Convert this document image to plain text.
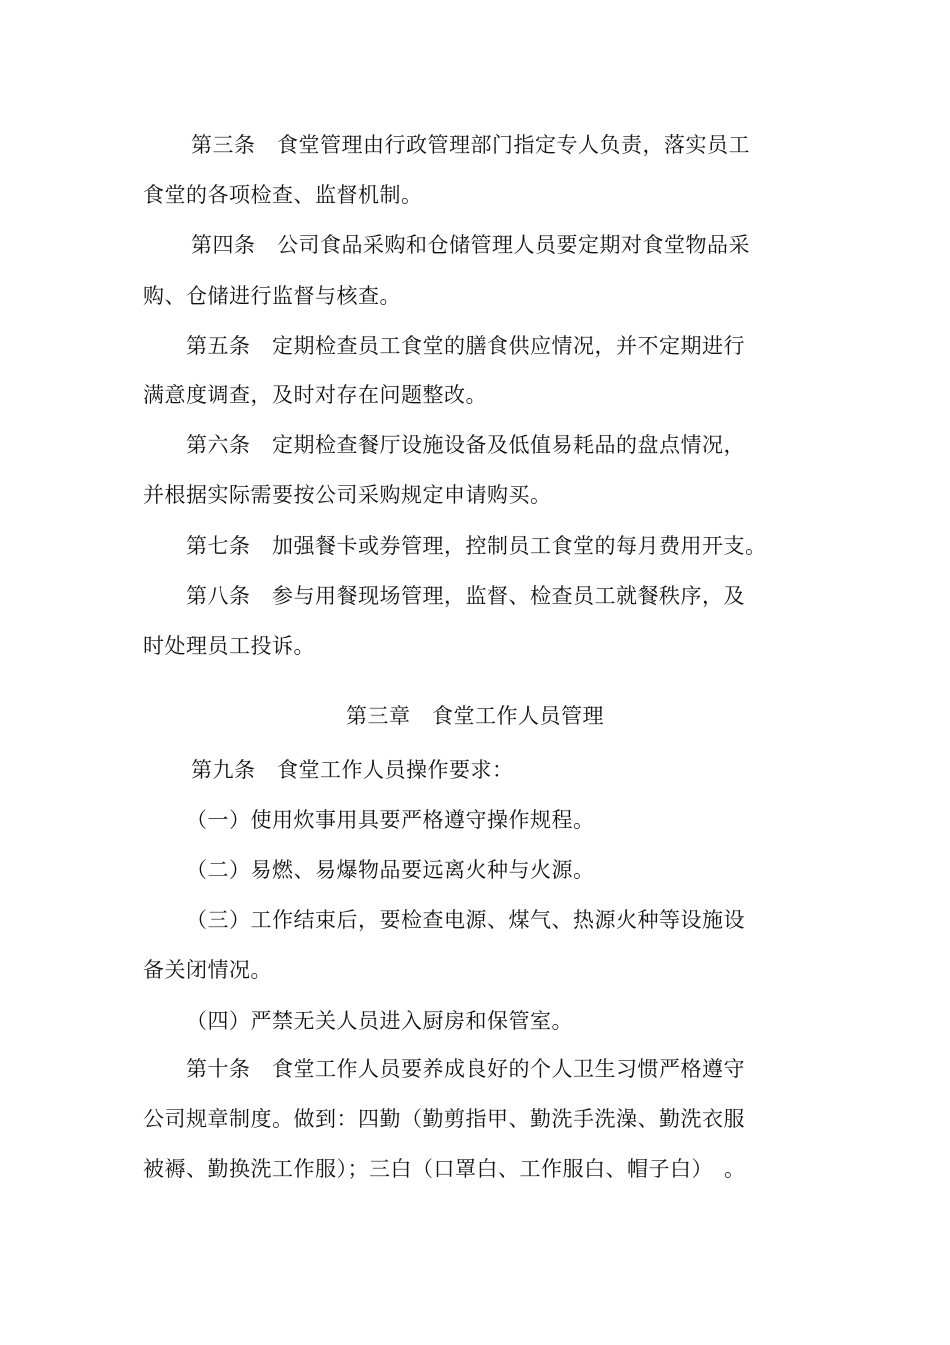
第三条　食堂管理由行政管理部门指定专人负责，落实员工
食堂的各项检查、监督机制。
第四条　公司食品采购和仓储管理人员要定期对食堂物品采
购、仓储进行监督与核查。
第五条　定期检查员工食堂的膳食供应情况，并不定期进行
满意度调查，及时对存在问题整改。
第六条　定期检查餐厅设施设备及低值易耗品的盘点情况，
并根据实际需要按公司采购规定申请购买。
第七条　加强餐卡或券管理，控制员工食堂的每月费用开支。
第八条　参与用餐现场管理，监督、检查员工就餐秩序，及
时处理员工投诉。
第三章　食堂工作人员管理
第九条　食堂工作人员操作要求：
（一）使用炊事用具要严格遵守操作规程。
（二）易燃、易爆物品要远离火种与火源。
（三）工作结束后，要检查电源、煤气、热源火种等设施设
备关闭情况。
（四）严禁无关人员进入厨房和保管室。
第十条　食堂工作人员要养成良好的个人卫生习惯严格遵守
公司规章制度。做到：四勤（勤剪指甲、勤洗手洗澡、勤洗衣服
被褥、勤换洗工作服）；三白（口罩白、工作服白、帽子白）　。
